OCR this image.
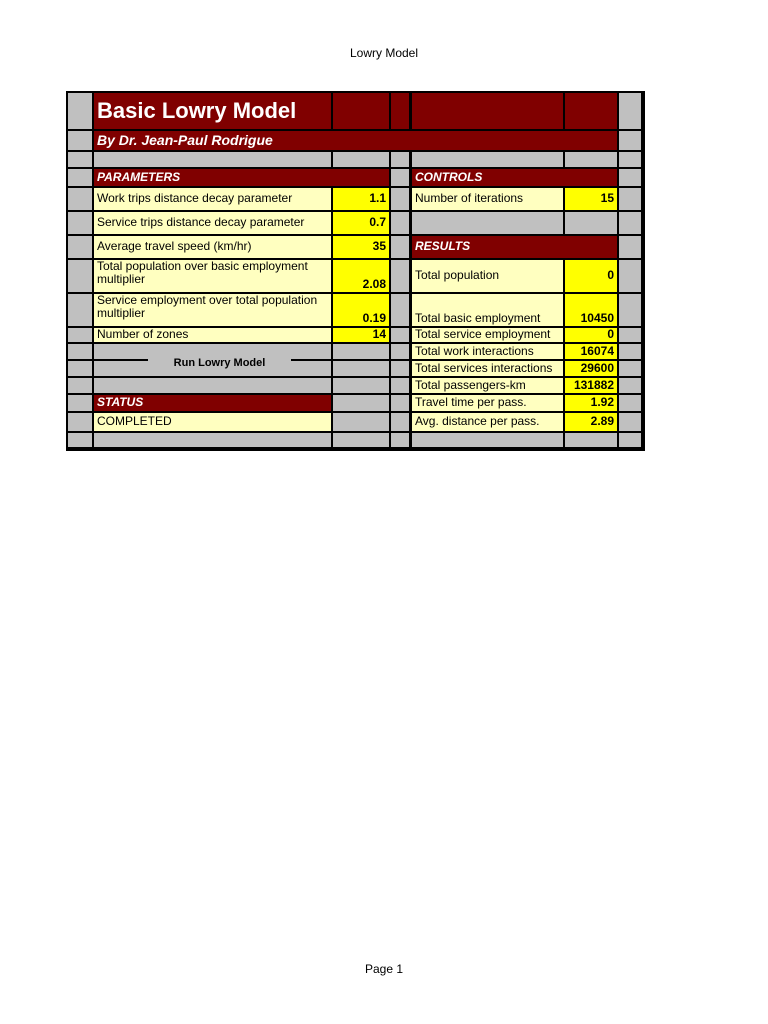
Lowry Model
Basic Lowry Model
By Dr. Jean-Paul Rodrigue
PARAMETERS	CONTROLS
RESULTS
STATUS
Work trips distance decay parameter	1.1
Service trips distance decay parameter	0.7
Average travel speed (km/hr)	35
Total population over basic employment multiplier	2.08
Service employment over total population multiplier	0.19
Number of zones	14
Number of iterations	15
Total population	0
Total basic employment	10450
Total service employment	0
Total work interactions	16074
Total services interactions	29600
Total passengers-km	131882
Travel time per pass.	1.92
Avg. distance per pass.	2.89
COMPLETED
Run Lowry Model
Page 1
